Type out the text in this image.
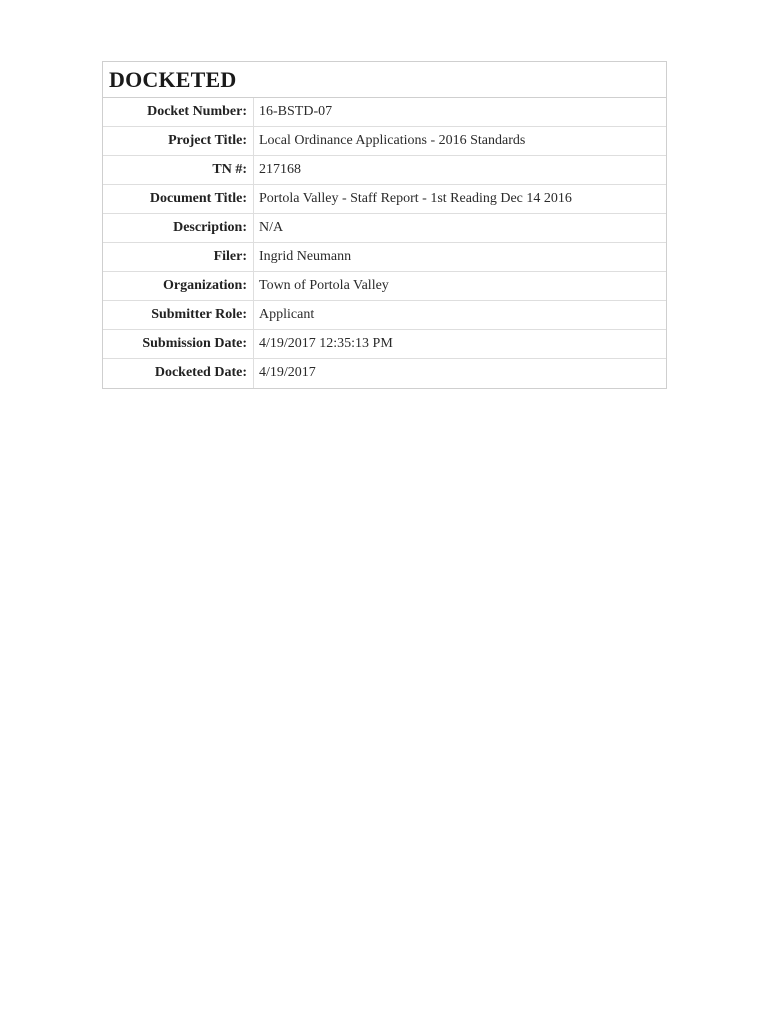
DOCKETED
Docket Number: 16-BSTD-07
Project Title: Local Ordinance Applications - 2016 Standards
TN #: 217168
Document Title: Portola Valley - Staff Report - 1st Reading Dec 14 2016
Description: N/A
Filer: Ingrid Neumann
Organization: Town of Portola Valley
Submitter Role: Applicant
Submission Date: 4/19/2017 12:35:13 PM
Docketed Date: 4/19/2017
